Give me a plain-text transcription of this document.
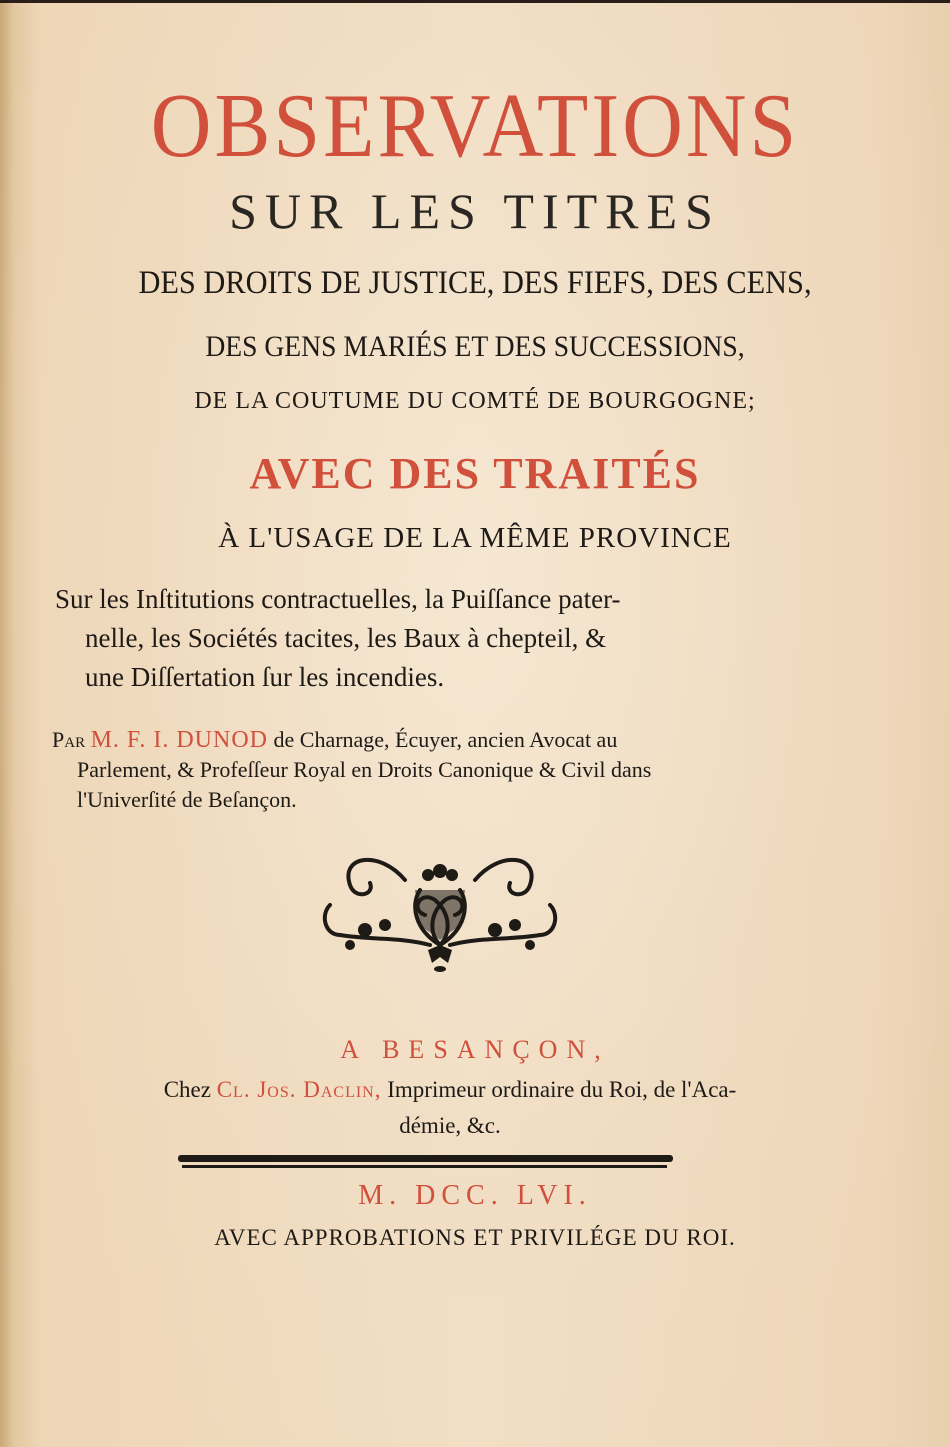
OBSERVATIONS
SUR LES TITRES
DES DROITS DE JUSTICE, DES FIEFS, DES CENS,
DES GENS MARIÉS ET DES SUCCESSIONS,
DE LA COUTUME DU COMTÉ DE BOURGOGNE;
AVEC DES TRAITÉS
À L'USAGE DE LA MÊME PROVINCE
Sur les Inſtitutions contractuelles, la Puiſſance pater-
nelle, les Sociétés tacites, les Baux à chepteil, &
une Diſſertation ſur les incendies.
Par M. F. I. DUNOD de Charnage, Écuyer, ancien Avocat au
Parlement, & Profeſſeur Royal en Droits Canonique & Civil dans
l'Univerſité de Beſançon.
A BESANÇON,
Chez Cl. Jos. Daclin, Imprimeur ordinaire du Roi, de l'Aca-
démie, &c.
M. DCC. LVI.
AVEC APPROBATIONS ET PRIVILÉGE DU ROI.
